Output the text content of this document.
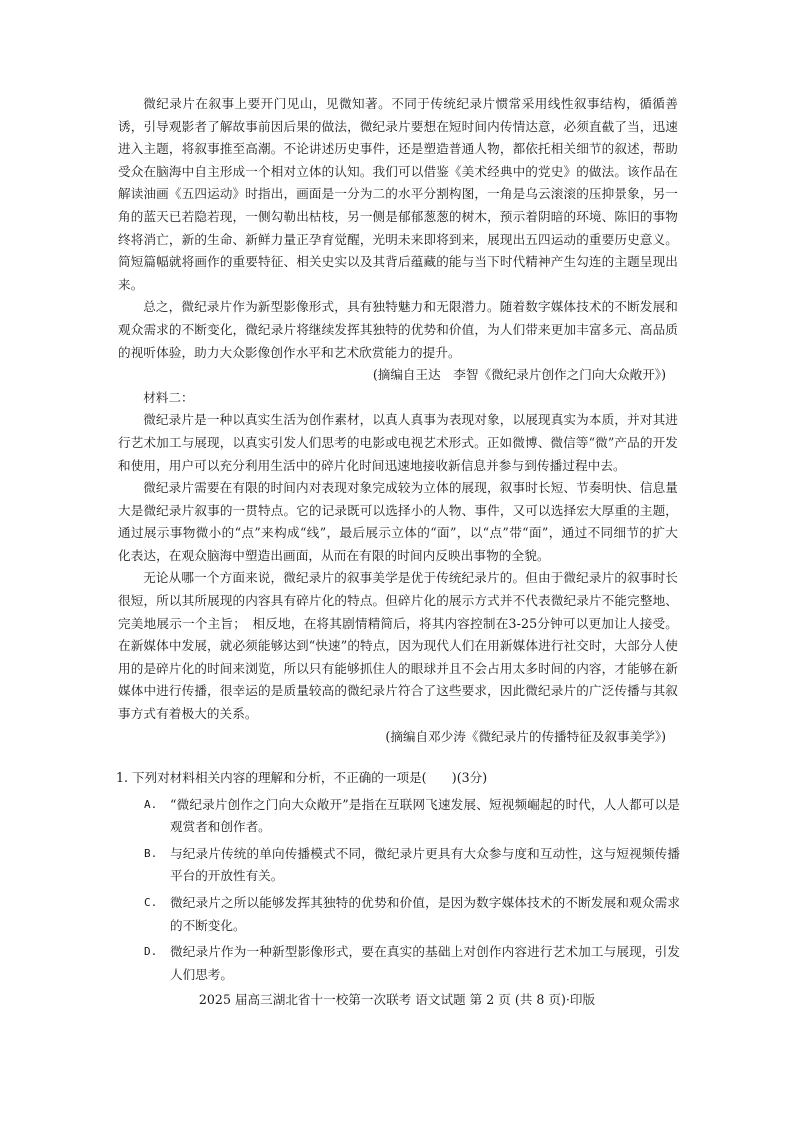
微纪录片在叙事上要开门见山，见微知著。不同于传统纪录片惯常采用线性叙事结构，循循善诱，引导观影者了解故事前因后果的做法，微纪录片要想在短时间内传情达意，必须直截了当，迅速进入主题，将叙事推至高潮。不论讲述历史事件，还是塑造普通人物，都依托相关细节的叙述，帮助受众在脑海中自主形成一个相对立体的认知。我们可以借鉴《美术经典中的党史》的做法。该作品在解读油画《五四运动》时指出，画面是一分为二的水平分割构图，一角是乌云滚滚的压抑景象，另一角的蓝天已若隐若现，一侧勾勒出枯枝，另一侧是郁郁葱葱的树木，预示着阴暗的环境、陈旧的事物终将消亡，新的生命、新鲜力量正孕育觉醒，光明未来即将到来，展现出五四运动的重要历史意义。简短篇幅就将画作的重要特征、相关史实以及其背后蕴藏的能与当下时代精神产生勾连的主题呈现出来。

总之，微纪录片作为新型影像形式，具有独特魅力和无限潜力。随着数字媒体技术的不断发展和观众需求的不断变化，微纪录片将继续发挥其独特的优势和价值，为人们带来更加丰富多元、高品质的视听体验，助力大众影像创作水平和艺术欣赏能力的提升。

(摘编自王达　李智《微纪录片创作之门向大众敞开》)

材料二：

微纪录片是一种以真实生活为创作素材，以真人真事为表现对象，以展现真实为本质，并对其进行艺术加工与展现，以真实引发人们思考的电影或电视艺术形式。正如微博、微信等“微”产品的开发和使用，用户可以充分利用生活中的碎片化时间迅速地接收新信息并参与到传播过程中去。

微纪录片需要在有限的时间内对表现对象完成较为立体的展现，叙事时长短、节奏明快、信息量大是微纪录片叙事的一贯特点。它的记录既可以选择小的人物、事件，又可以选择宏大厚重的主题，通过展示事物微小的“点”来构成“线”，最后展示立体的“面”，以“点”带“面”，通过不同细节的扩大化表达，在观众脑海中塑造出画面，从而在有限的时间内反映出事物的全貌。

无论从哪一个方面来说，微纪录片的叙事美学是优于传统纪录片的。但由于微纪录片的叙事时长很短，所以其所展现的内容具有碎片化的特点。但碎片化的展示方式并不代表微纪录片不能完整地、完美地展示一个主旨；　相反地，在将其剧情精简后，将其内容控制在3-25分钟可以更加让人接受。在新媒体中发展，就必须能够达到“快速”的特点，因为现代人们在用新媒体进行社交时，大部分人使用的是碎片化的时间来浏览，所以只有能够抓住人的眼球并且不会占用太多时间的内容，才能够在新媒体中进行传播，很幸运的是质量较高的微纪录片符合了这些要求，因此微纪录片的广泛传播与其叙事方式有着极大的关系。

(摘编自邓少涛《微纪录片的传播特征及叙事美学》)

1. 下列对材料相关内容的理解和分析，不正确的一项是(　　)(3分)

A. “微纪录片创作之门向大众敞开”是指在互联网飞速发展、短视频崛起的时代，人人都可以是观赏者和创作者。
B. 与纪录片传统的单向传播模式不同，微纪录片更具有大众参与度和互动性，这与短视频传播平台的开放性有关。
C. 微纪录片之所以能够发挥其独特的优势和价值，是因为数字媒体技术的不断发展和观众需求的不断变化。
D. 微纪录片作为一种新型影像形式，要在真实的基础上对创作内容进行艺术加工与展现，引发人们思考。
2025 届高三湖北省十一校第一次联考 语文试题 第 2 页 (共 8 页)·印版
